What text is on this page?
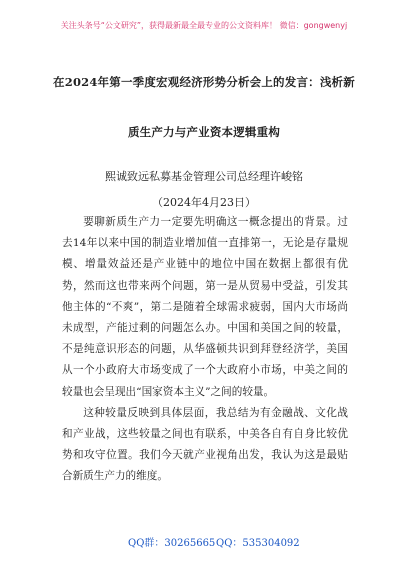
关注头条号“公文研究”，获得最新最全最专业的公文资料库！ 微信：gongwenyj
在2024年第一季度宏观经济形势分析会上的发言：浅析新
质生产力与产业资本逻辑重构
熙诚致远私募基金管理公司总经理许峻铭
（2024年4月23日）

要聊新质生产力一定要先明确这一概念提出的背景。过去14年以来中国的制造业增加值一直排第一，无论是存量规模、增量效益还是产业链中的地位中国在数据上都很有优势，然而这也带来两个问题，第一是从贸易中受益，引发其他主体的“不爽”，第二是随着全球需求疲弱，国内大市场尚未成型，产能过剩的问题怎么办。中国和美国之间的较量，不是纯意识形态的问题，从华盛顿共识到拜登经济学，美国从一个小政府大市场变成了一个大政府小市场，中美之间的较量也会呈现出“国家资本主义”之间的较量。

这种较量反映到具体层面，我总结为有金融战、文化战和产业战，这些较量之间也有联系，中美各自有自身比较优势和攻守位置。我们今天就产业视角出发，我认为这是最贴合新质生产力的维度。

QQ群：30265665 QQ：535304092
